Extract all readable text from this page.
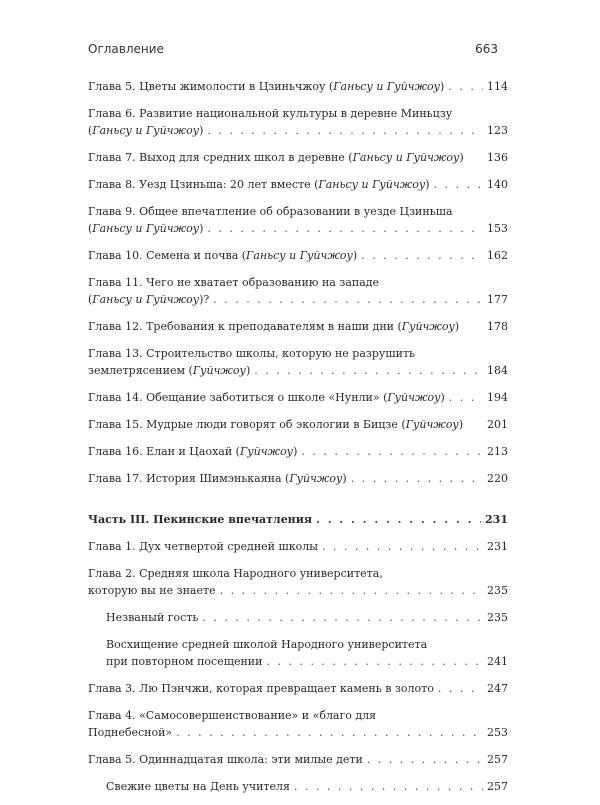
Оглавление	663
Глава 5. Цветы жимолости в Цзиньчжоу (Ганьсу и Гуйчжоу) . . .	114
Глава 6. Развитие национальной культуры в деревне Миньцзу
(Ганьсу и Гуйчжоу) . . .	123
Глава 7. Выход для средних школ в деревне (Ганьсу и Гуйчжоу) 136
Глава 8. Уезд Цзиньша: 20 лет вместе (Ганьсу и Гуйчжоу) . . .	140
Глава 9. Общее впечатление об образовании в уезде Цзиньша
(Ганьсу и Гуйчжоу) . . .	153
Глава 10. Семена и почва (Ганьсу и Гуйчжоу) . . .	162
Глава 11. Чего не хватает образованию на западе
(Ганьсу и Гуйчжоу)? . . .	177
Глава 12. Требования к преподавателям в наши дни (Гуйчжоу)	178
Глава 13. Строительство школы, которую не разрушить
землетрясением (Гуйчжоу) . . .	184
Глава 14. Обещание заботиться о школе «Нунли» (Гуйчжоу) . . .	194
Глава 15. Мудрые люди говорят об экологии в Бицзе (Гуйчжоу) 201
Глава 16. Елан и Цаохай (Гуйчжоу) . . .	213
Глава 17. История Шимэнькаяна (Гуйчжоу) . . .	220
Часть III. Пекинские впечатления . . .	231
Глава 1. Дух четвертой средней школы . . .	231
Глава 2. Средняя школа Народного университета,
которую вы не знаете . . .	235
Незваный гость . . .	235
Восхищение средней школой Народного университета
при повторном посещении . . .	241
Глава 3. Лю Пэнчжи, которая превращает камень в золото . . .	247
Глава 4. «Самосовершенствование» и «благо для
Поднебесной» . . .	253
Глава 5. Одиннадцатая школа: эти милые дети . . .	257
Свежие цветы на День учителя . . .	257
